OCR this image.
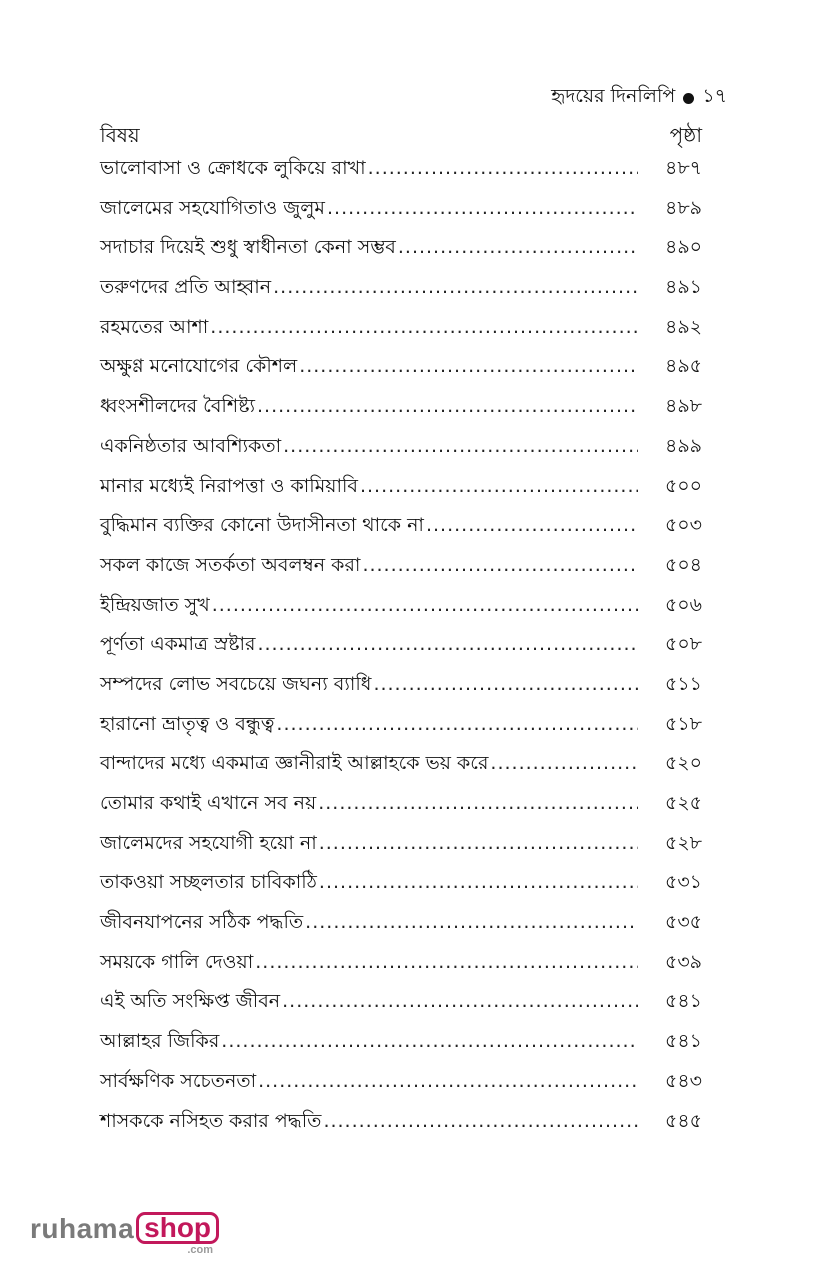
হৃদয়ের দিনলিপি ১৭
বিষয়	পৃষ্ঠা
ভালোবাসা ও ক্রোধকে লুকিয়ে রাখা .....	৪৮৭
জালেমের সহযোগিতাও জুলুম .....	৪৮৯
সদাচার দিয়েই শুধু স্বাধীনতা কেনা সম্ভব .....	৪৯০
তরুণদের প্রতি আহ্বান .....	৪৯১
রহমতের আশা .....	৪৯২
অক্ষুণ্ণ মনোযোগের কৌশল .....	৪৯৫
ধ্বংসশীলদের বৈশিষ্ট্য .....	৪৯৮
একনিষ্ঠতার আবশ্যিকতা .....	৪৯৯
মানার মধ্যেই নিরাপত্তা ও কামিয়াবি .....	৫০০
বুদ্ধিমান ব্যক্তির কোনো উদাসীনতা থাকে না .....	৫০৩
সকল কাজে সতর্কতা অবলম্বন করা .....	৫০৪
ইন্দ্রিয়জাত সুখ .....	৫০৬
পূর্ণতা একমাত্র স্রষ্টার .....	৫০৮
সম্পদের লোভ সবচেয়ে জঘন্য ব্যাধি .....	৫১১
হারানো ভ্রাতৃত্ব ও বন্ধুত্ব .....	৫১৮
বান্দাদের মধ্যে একমাত্র জ্ঞানীরাই আল্লাহকে ভয় করে .....	৫২০
তোমার কথাই এখানে সব নয় .....	৫২৫
জালেমদের সহযোগী হয়ো না .....	৫২৮
তাকওয়া সচ্ছলতার চাবিকাঠি .....	৫৩১
জীবনযাপনের সঠিক পদ্ধতি .....	৫৩৫
সময়কে গালি দেওয়া .....	৫৩৯
এই অতি সংক্ষিপ্ত জীবন .....	৫৪১
আল্লাহর জিকির .....	৫৪১
সার্বক্ষণিক সচেতনতা .....	৫৪৩
শাসককে নসিহত করার পদ্ধতি .....	৫৪৫
ruhama shop
.com
